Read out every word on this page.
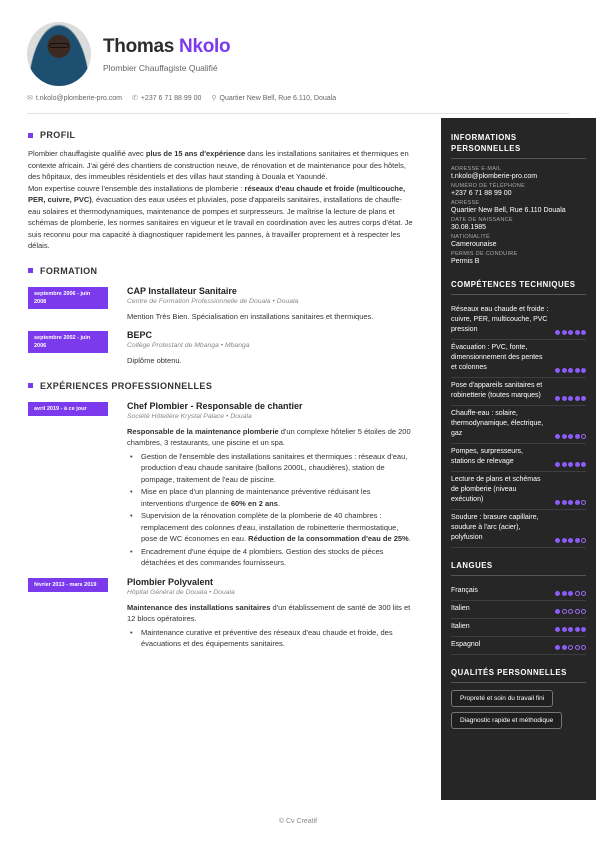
Thomas Nkolo
Plombier Chauffagiste Qualifié
✉ t.nkolo@plomberie-pro.com ✆ +237 6 71 88 99 00 ⚲ Quartier New Bell, Rue 6.110, Douala
PROFIL

Plombier chauffagiste qualifié avec plus de 15 ans d'expérience dans les installations sanitaires et thermiques en contexte africain. J'ai géré des chantiers de construction neuve, de rénovation et de maintenance pour des hôtels, des hôpitaux, des immeubles résidentiels et des villas haut standing à Douala et Yaoundé.

Mon expertise couvre l'ensemble des installations de plomberie : réseaux d'eau chaude et froide (multicouche, PER, cuivre, PVC), évacuation des eaux usées et pluviales, pose d'appareils sanitaires, installations de chauffe-eau solaires et thermodynamiques, maintenance de pompes et surpresseurs. Je maîtrise la lecture de plans et schémas de plomberie, les normes sanitaires en vigueur et le travail en coordination avec les autres corps d'état. Je suis reconnu pour ma capacité à diagnostiquer rapidement les pannes, à travailler proprement et à respecter les délais.

FORMATION
septembre 2006 - juin 2008
CAP Installateur Sanitaire
Centre de Formation Professionnelle de Douala • Douala
Mention Très Bien. Spécialisation en installations sanitaires et thermiques.
septembre 2002 - juin 2006
BEPC
Collège Protestant de Mbanga • Mbanga
Diplôme obtenu.
EXPÉRIENCES PROFESSIONNELLES
avril 2019 - à ce jour	Chef Plombier - Responsable de chantier
Société Hôtelière Krystal Palace • Douala
Responsable de la maintenance plomberie d'un complexe hôtelier 5 étoiles de 200 chambres, 3 restaurants, une piscine et un spa.
• Gestion de l'ensemble des installations sanitaires et thermiques : réseaux d'eau, production d'eau chaude sanitaire (ballons 2000L, chaudières), station de pompage, traitement de l'eau de piscine.
• Mise en place d'un planning de maintenance préventive réduisant les interventions d'urgence de 60% en 2 ans.
• Supervision de la rénovation complète de la plomberie de 40 chambres : remplacement des colonnes d'eau, installation de robinetterie thermostatique, pose de WC économes en eau. Réduction de la consommation d'eau de 25%.
• Encadrement d'une équipe de 4 plombiers. Gestion des stocks de pièces détachées et des commandes fournisseurs.
février 2013 - mars 2019	Plombier Polyvalent
Hôpital Général de Douala • Douala
Maintenance des installations sanitaires d'un établissement de santé de 300 lits et 12 blocs opératoires.
• Maintenance curative et préventive des réseaux d'eau chaude et froide, des évacuations et des équipements sanitaires.
INFORMATIONS PERSONNELLES
ADRESSE E-MAIL
t.nkolo@plomberie-pro.com
NUMÉRO DE TÉLÉPHONE
+237 6 71 88 99 00
ADRESSE
Quartier New Bell, Rue 6.110 Douala
DATE DE NAISSANCE
30.08.1985
NATIONALITÉ
Camerounaise
PERMIS DE CONDUIRE
Permis B
COMPÉTENCES TECHNIQUES
Réseaux eau chaude et froide : cuivre, PER, multicouche, PVC pression
Évacuation : PVC, fonte, dimensionnement des pentes et colonnes
Pose d'appareils sanitaires et robinetterie (toutes marques)
Chauffe-eau : solaire, thermodynamique, électrique, gaz
Pompes, surpresseurs, stations de relevage
Lecture de plans et schémas de plomberie (niveau exécution)
Soudure : brasure capillaire, soudure à l'arc (acier), polyfusion
LANGUES
Français
Italien
Italien
Espagnol
QUALITÉS PERSONNELLES
Propreté et soin du travail fini
Diagnostic rapide et méthodique
© Cv Creatif
